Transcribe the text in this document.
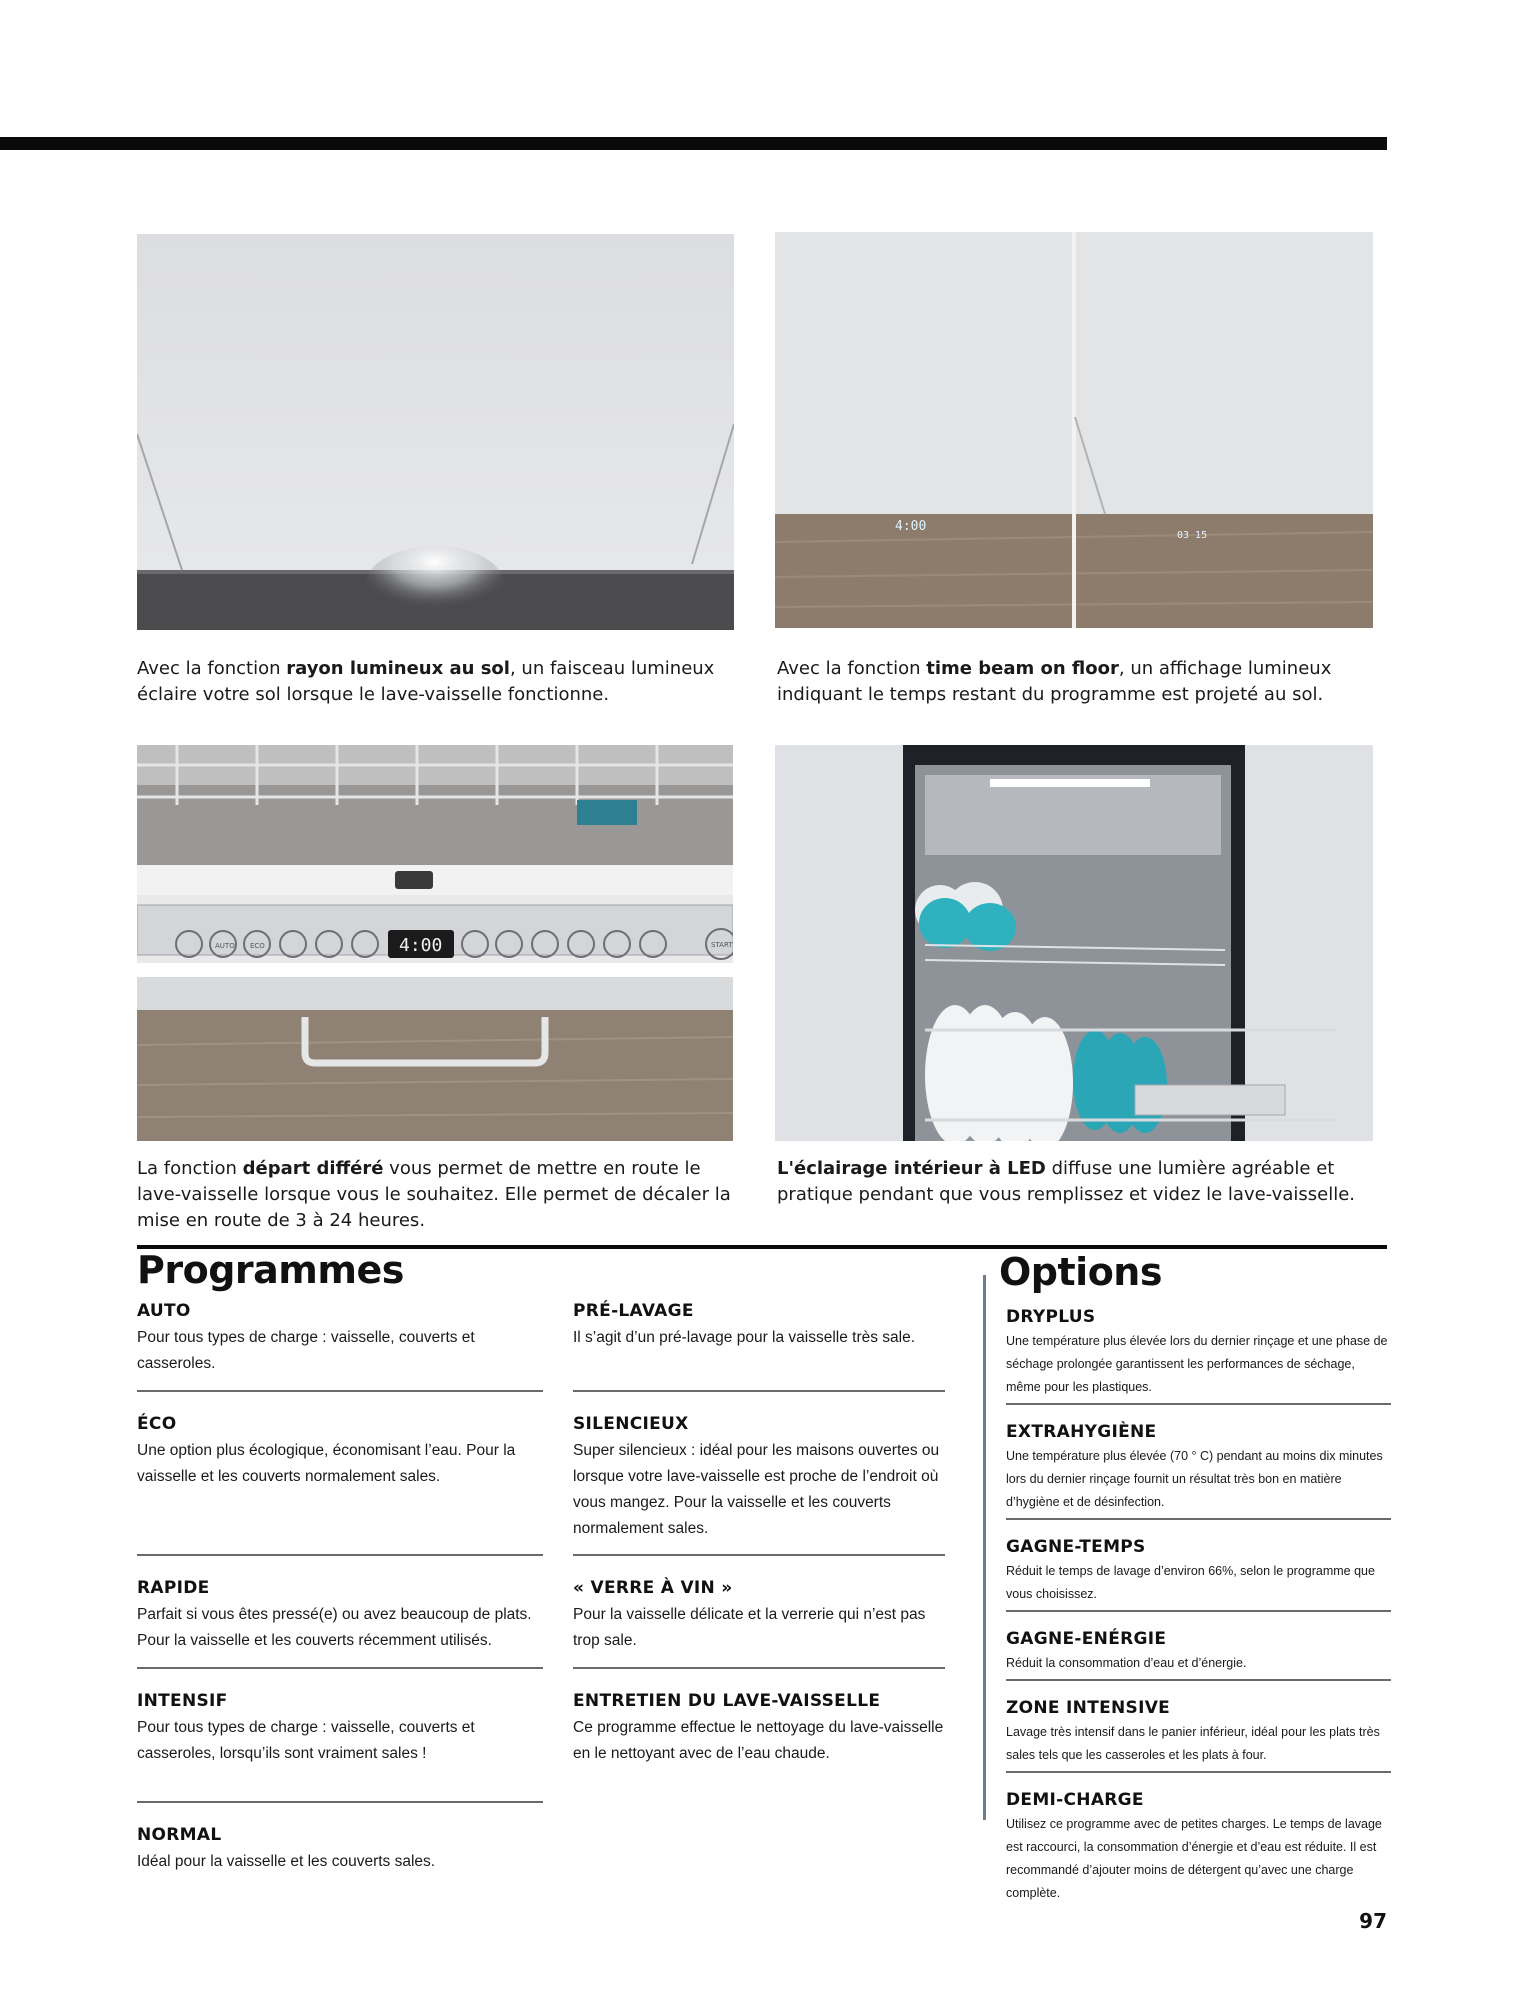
4:00
03 15

Avec la fonction rayon lumineux au sol, un faisceau lumineux éclaire votre sol lorsque le lave-vaisselle fonctionne.

Avec la fonction time beam on floor, un affichage lumineux indiquant le temps restant du programme est projeté au sol.

AUTO ECO	4:00	START

La fonction départ différé vous permet de mettre en route le lave-vaisselle lorsque vous le souhaitez. Elle permet de décaler la mise en route de 3 à 24 heures.

L'éclairage intérieur à LED diffuse une lumière agréable et pratique pendant que vous remplissez et videz le lave-vaisselle.

Programmes	Options
AUTO
Pour tous types de charge : vaisselle, couverts et casseroles.
ÉCO
Une option plus écologique, économisant l’eau. Pour la vaisselle et les couverts normalement sales.
RAPIDE
Parfait si vous êtes pressé(e) ou avez beaucoup de plats. Pour la vaisselle et les couverts récemment utilisés.
INTENSIF
Pour tous types de charge : vaisselle, couverts et casseroles, lorsqu’ils sont vraiment sales !
NORMAL
Idéal pour la vaisselle et les couverts sales.
PRÉ-LAVAGE
Il s’agit d’un pré-lavage pour la vaisselle très sale.
SILENCIEUX
Super silencieux : idéal pour les maisons ouvertes ou lorsque votre lave-vaisselle est proche de l’endroit où vous mangez. Pour la vaisselle et les couverts normalement sales.
« VERRE À VIN »
Pour la vaisselle délicate et la verrerie qui n’est pas trop sale.
ENTRETIEN DU LAVE-VAISSELLE
Ce programme effectue le nettoyage du lave-vaisselle en le nettoyant avec de l’eau chaude.
DRYPLUS
Une température plus élevée lors du dernier rinçage et une phase de séchage prolongée garantissent les performances de séchage, même pour les plastiques.
EXTRAHYGIÈNE
Une température plus élevée (70 ° C) pendant au moins dix minutes lors du dernier rinçage fournit un résultat très bon en matière d’hygiène et de désinfection.
GAGNE-TEMPS
Réduit le temps de lavage d’environ 66%, selon le programme que vous choisissez.
GAGNE-ENÉRGIE
Réduit la consommation d’eau et d’énergie.
ZONE INTENSIVE
Lavage très intensif dans le panier inférieur, idéal pour les plats très sales tels que les casseroles et les plats à four.
DEMI-CHARGE
Utilisez ce programme avec de petites charges. Le temps de lavage est raccourci, la consommation d’énergie et d’eau est réduite. Il est recommandé d’ajouter moins de détergent qu’avec une charge complète.
97
